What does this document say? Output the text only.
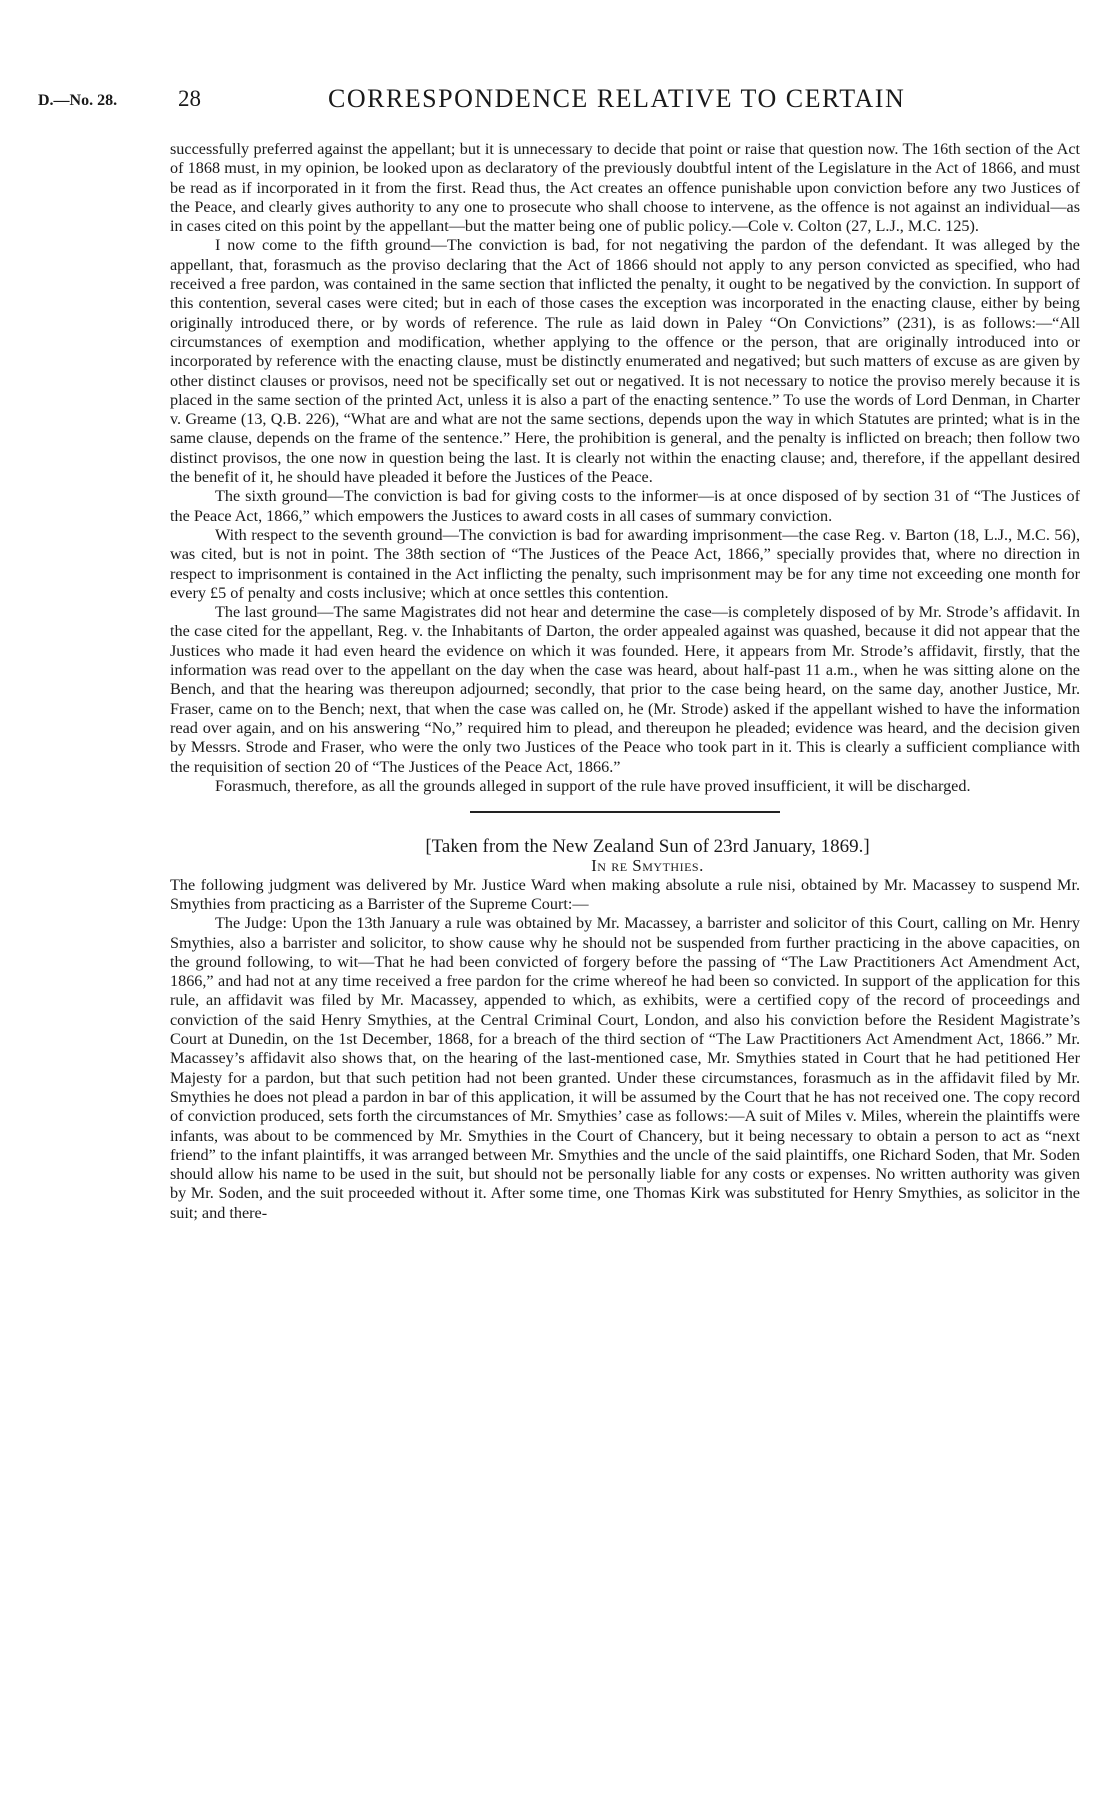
D.—No. 28.	28	CORRESPONDENCE RELATIVE TO CERTAIN

successfully preferred against the appellant; but it is unnecessary to decide that point or raise that question now. The 16th section of the Act of 1868 must, in my opinion, be looked upon as declaratory of the previously doubtful intent of the Legislature in the Act of 1866, and must be read as if incorporated in it from the first. Read thus, the Act creates an offence punishable upon conviction before any two Justices of the Peace, and clearly gives authority to any one to prosecute who shall choose to intervene, as the offence is not against an individual—as in cases cited on this point by the appellant—but the matter being one of public policy.—Cole v. Colton (27, L.J., M.C. 125).

I now come to the fifth ground—The conviction is bad, for not negativing the pardon of the defendant. It was alleged by the appellant, that, forasmuch as the proviso declaring that the Act of 1866 should not apply to any person convicted as specified, who had received a free pardon, was contained in the same section that inflicted the penalty, it ought to be negatived by the conviction. In support of this contention, several cases were cited; but in each of those cases the exception was incorporated in the enacting clause, either by being originally introduced there, or by words of reference. The rule as laid down in Paley “On Convictions” (231), is as follows:—“All circumstances of exemption and modification, whether applying to the offence or the person, that are originally introduced into or incorporated by reference with the enacting clause, must be distinctly enumerated and negatived; but such matters of excuse as are given by other distinct clauses or provisos, need not be specifically set out or negatived. It is not necessary to notice the proviso merely because it is placed in the same section of the printed Act, unless it is also a part of the enacting sentence.” To use the words of Lord Denman, in Charter v. Greame (13, Q.B. 226), “What are and what are not the same sections, depends upon the way in which Statutes are printed; what is in the same clause, depends on the frame of the sentence.” Here, the prohibition is general, and the penalty is inflicted on breach; then follow two distinct provisos, the one now in question being the last. It is clearly not within the enacting clause; and, therefore, if the appellant desired the benefit of it, he should have pleaded it before the Justices of the Peace.

The sixth ground—The conviction is bad for giving costs to the informer—is at once disposed of by section 31 of “The Justices of the Peace Act, 1866,” which empowers the Justices to award costs in all cases of summary conviction.

With respect to the seventh ground—The conviction is bad for awarding imprisonment—the case Reg. v. Barton (18, L.J., M.C. 56), was cited, but is not in point. The 38th section of “The Justices of the Peace Act, 1866,” specially provides that, where no direction in respect to imprisonment is contained in the Act inflicting the penalty, such imprisonment may be for any time not exceeding one month for every £5 of penalty and costs inclusive; which at once settles this contention.

The last ground—The same Magistrates did not hear and determine the case—is completely disposed of by Mr. Strode’s affidavit. In the case cited for the appellant, Reg. v. the Inhabitants of Darton, the order appealed against was quashed, because it did not appear that the Justices who made it had even heard the evidence on which it was founded. Here, it appears from Mr. Strode’s affidavit, firstly, that the information was read over to the appellant on the day when the case was heard, about half-past 11 a.m., when he was sitting alone on the Bench, and that the hearing was thereupon adjourned; secondly, that prior to the case being heard, on the same day, another Justice, Mr. Fraser, came on to the Bench; next, that when the case was called on, he (Mr. Strode) asked if the appellant wished to have the information read over again, and on his answering “No,” required him to plead, and thereupon he pleaded; evidence was heard, and the decision given by Messrs. Strode and Fraser, who were the only two Justices of the Peace who took part in it. This is clearly a sufficient compliance with the requisition of section 20 of “The Justices of the Peace Act, 1866.”

Forasmuch, therefore, as all the grounds alleged in support of the rule have proved insufficient, it will be discharged.

[Taken from the New Zealand Sun of 23rd January, 1869.]

In re Smythies.

The following judgment was delivered by Mr. Justice Ward when making absolute a rule nisi, obtained by Mr. Macassey to suspend Mr. Smythies from practicing as a Barrister of the Supreme Court:—

The Judge: Upon the 13th January a rule was obtained by Mr. Macassey, a barrister and solicitor of this Court, calling on Mr. Henry Smythies, also a barrister and solicitor, to show cause why he should not be suspended from further practicing in the above capacities, on the ground following, to wit—That he had been convicted of forgery before the passing of “The Law Practitioners Act Amendment Act, 1866,” and had not at any time received a free pardon for the crime whereof he had been so convicted. In support of the application for this rule, an affidavit was filed by Mr. Macassey, appended to which, as exhibits, were a certified copy of the record of proceedings and conviction of the said Henry Smythies, at the Central Criminal Court, London, and also his conviction before the Resident Magistrate’s Court at Dunedin, on the 1st December, 1868, for a breach of the third section of “The Law Practitioners Act Amendment Act, 1866.” Mr. Macassey’s affidavit also shows that, on the hearing of the last-mentioned case, Mr. Smythies stated in Court that he had petitioned Her Majesty for a pardon, but that such petition had not been granted. Under these circumstances, forasmuch as in the affidavit filed by Mr. Smythies he does not plead a pardon in bar of this application, it will be assumed by the Court that he has not received one. The copy record of conviction produced, sets forth the circumstances of Mr. Smythies’ case as follows:—A suit of Miles v. Miles, wherein the plaintiffs were infants, was about to be commenced by Mr. Smythies in the Court of Chancery, but it being necessary to obtain a person to act as “next friend” to the infant plaintiffs, it was arranged between Mr. Smythies and the uncle of the said plaintiffs, one Richard Soden, that Mr. Soden should allow his name to be used in the suit, but should not be personally liable for any costs or expenses. No written authority was given by Mr. Soden, and the suit proceeded without it. After some time, one Thomas Kirk was substituted for Henry Smythies, as solicitor in the suit; and there-
